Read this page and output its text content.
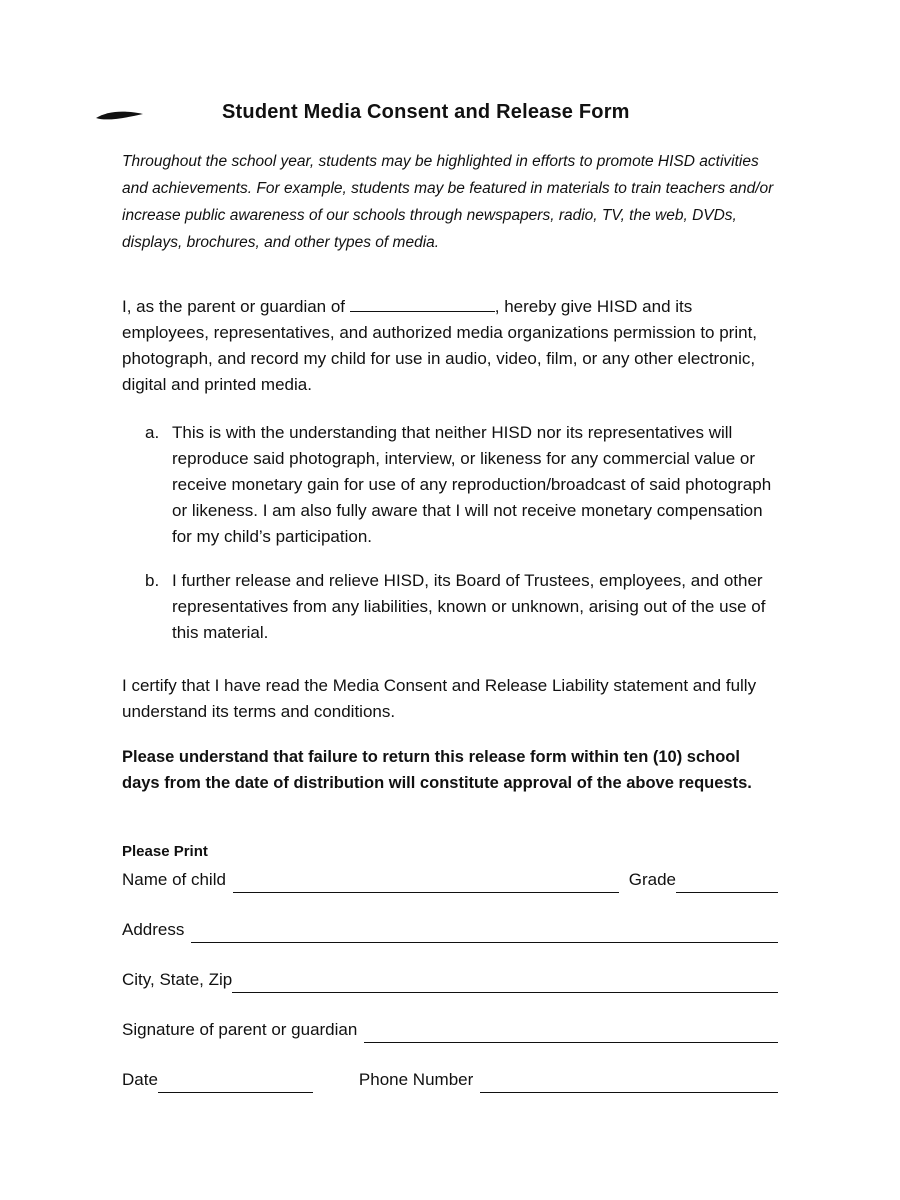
Student Media Consent and Release Form

Throughout the school year, students may be highlighted in efforts to promote HISD activities and achievements. For example, students may be featured in materials to train teachers and/or increase public awareness of our schools through newspapers, radio, TV, the web, DVDs, displays, brochures, and other types of media.

I, as the parent or guardian of	, hereby give HISD and its employees, representatives, and authorized media organizations permission to print, photograph, and record my child for use in audio, video, film, or any other electronic, digital and printed media.

a. This is with the understanding that neither HISD nor its representatives will reproduce said photograph, interview, or likeness for any commercial value or receive monetary gain for use of any reproduction/broadcast of said photograph or likeness. I am also fully aware that I will not receive monetary compensation for my child’s participation.
b. I further release and relieve HISD, its Board of Trustees, employees, and other representatives from any liabilities, known or unknown, arising out of the use of this material.

I certify that I have read the Media Consent and Release Liability statement and fully understand its terms and conditions.

Please understand that failure to return this release form within ten (10) school days from the date of distribution will constitute approval of the above requests.

Please Print

Name of child	Grade
Address
City, State, Zip
Signature of parent or guardian
Date	Phone Number
